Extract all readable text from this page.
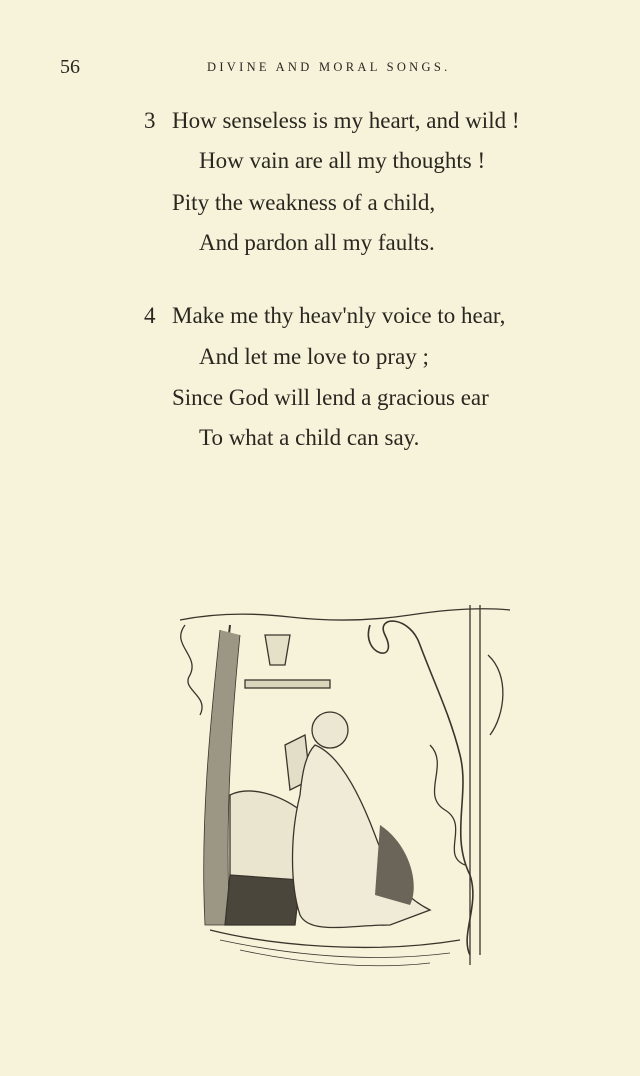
56	DIVINE AND MORAL SONGS.
3 How senseless is my heart, and wild !
How vain are all my thoughts !
Pity the weakness of a child,
And pardon all my faults.
4 Make me thy heav'nly voice to hear,
And let me love to pray ;
Since God will lend a gracious ear
To what a child can say.
